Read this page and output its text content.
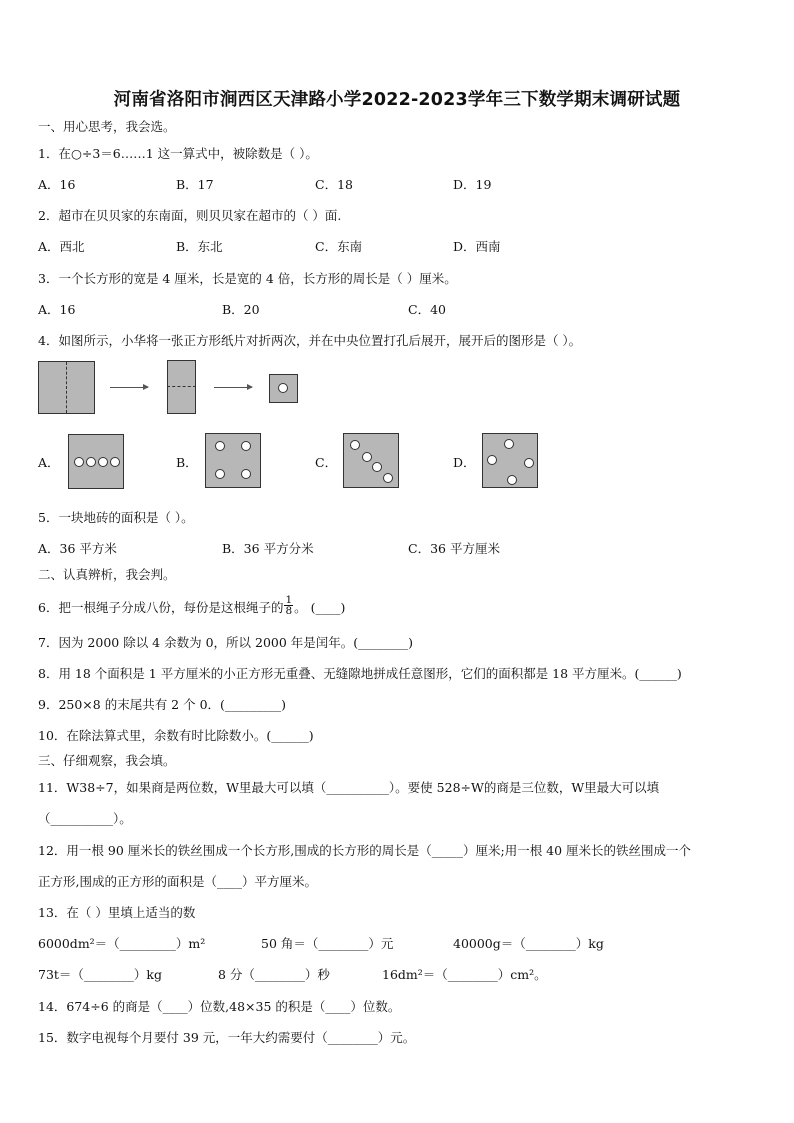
河南省洛阳市涧西区天津路小学2022-2023学年三下数学期末调研试题
一、用心思考，我会选。
1．在○÷3＝6……1 这一算式中，被除数是（ ）。
A．16	B．17	C．18	D．19
2．超市在贝贝家的东南面，则贝贝家在超市的（ ）面.
A．西北	B．东北	C．东南	D．西南
3．一个长方形的宽是 4 厘米，长是宽的 4 倍，长方形的周长是（ ）厘米。
A．16	B．20	C．40
4．如图所示，小华将一张正方形纸片对折两次，并在中央位置打孔后展开，展开后的图形是（ ）。
A．	B．	C．	D．
5．一块地砖的面积是（ ）。
A．36 平方米	B．36 平方分米	C．36 平方厘米
二、认真辨析，我会判。
6．把一根绳子分成八份，每份是这根绳子的 $\frac{1}{8}$ 。 (____)
7．因为 2000 除以 4 余数为 0，所以 2000 年是闰年。(________)
8．用 18 个面积是 1 平方厘米的小正方形无重叠、无缝隙地拼成任意图形，它们的面积都是 18 平方厘米。(______)
9．250×8 的末尾共有 2 个 0．(_________)
10．在除法算式里，余数有时比除数小。(______)
三、仔细观察，我会填。
11．W38÷7，如果商是两位数，W里最大可以填（__________）。要使 528÷W的商是三位数，W里最大可以填
（__________）。
12．用一根 90 厘米长的铁丝围成一个长方形,围成的长方形的周长是（_____）厘米;用一根 40 厘米长的铁丝围成一个
正方形,围成的正方形的面积是（____）平方厘米。
13．在（ ）里填上适当的数
6000dm²＝（_________）m²	50 角＝（________）元	40000g＝（________）kg
73t＝（________）kg	8 分（________）秒	16dm²＝（________）cm²。
14．674÷6 的商是（____）位数,48×35 的积是（____）位数。
15．数字电视每个月要付 39 元，一年大约需要付（________）元。
